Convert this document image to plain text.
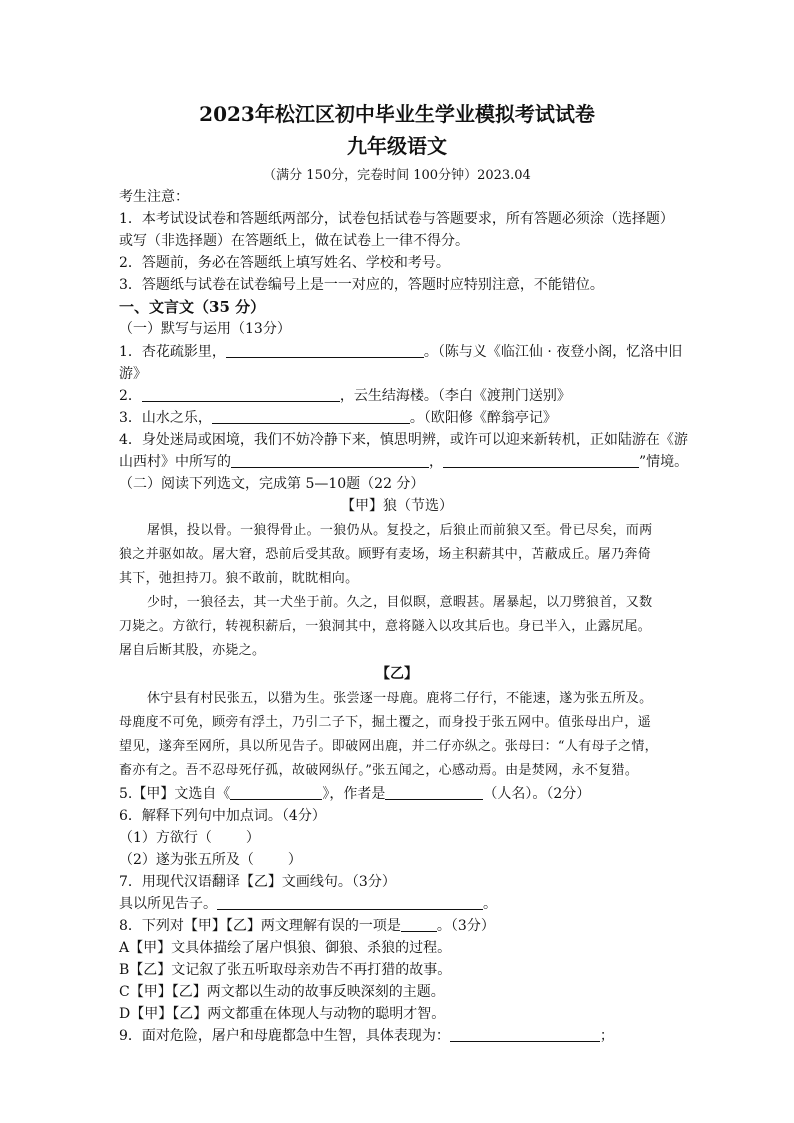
2023年松江区初中毕业生学业模拟考试试卷
九年级语文
（满分 150分，完卷时间 100分钟）2023.04
考生注意：
1．本考试设试卷和答题纸两部分，试卷包括试卷与答题要求，所有答题必须涂（选择题）
或写（非选择题）在答题纸上，做在试卷上一律不得分。
2．答题前，务必在答题纸上填写姓名、学校和考号。
3．答题纸与试卷在试卷编号上是一一对应的，答题时应特别注意，不能错位。
一、文言文（35 分）
（一）默写与运用（13分）
1．杏花疏影里，	。（陈与义《临江仙 · 夜登小阁，忆洛中旧
游》
2．	，云生结海楼。（李白《渡荆门送别》
3．山水之乐，	。（欧阳修《醉翁亭记》
4．身处迷局或困境，我们不妨冷静下来，慎思明辨，或许可以迎来新转机，正如陆游在《游
山西村》中所写的	，	”情境。
（二）阅读下列选文，完成第 5—10题（22 分）
【甲】狼（节选）
屠惧，投以骨。一狼得骨止。一狼仍从。复投之，后狼止而前狼又至。骨已尽矣，而两
狼之并驱如故。屠大窘，恐前后受其敌。顾野有麦场，场主积薪其中，苫蔽成丘。屠乃奔倚
其下，弛担持刀。狼不敢前，眈眈相向。
少时，一狼径去，其一犬坐于前。久之，目似瞑，意暇甚。屠暴起，以刀劈狼首，又数
刀毙之。方欲行，转视积薪后，一狼洞其中，意将隧入以攻其后也。身已半入，止露尻尾。
屠自后断其股，亦毙之。
【乙】
休宁县有村民张五，以猎为生。张尝逐一母鹿。鹿将二仔行，不能速，遂为张五所及。
母鹿度不可免，顾旁有浮土，乃引二子下，掘土覆之，而身投于张五网中。值张母出户，遥
望见，遂奔至网所，具以所见告子。即破网出鹿，并二仔亦纵之。张母曰：“人有母子之情，
畜亦有之。吾不忍母死仔孤，故破网纵仔。”张五闻之，心感动焉。由是焚网，永不复猎。
5.【甲】文选自《	》，作者是	（人名）。（2分）
6．解释下列句中加点词。（4分）
（1）方欲行（ ）
（2）遂为张五所及（ ）
7．用现代汉语翻译【乙】文画线句。（3分）
具以所见告子。	。
8．下列对【甲】【乙】两文理解有误的一项是	。（3分）
A【甲】文具体描绘了屠户惧狼、御狼、杀狼的过程。
B【乙】文记叙了张五听取母亲劝告不再打猎的故事。
C【甲】【乙】两文都以生动的故事反映深刻的主题。
D【甲】【乙】两文都重在体现人与动物的聪明才智。
9．面对危险，屠户和母鹿都急中生智，具体表现为：	；
